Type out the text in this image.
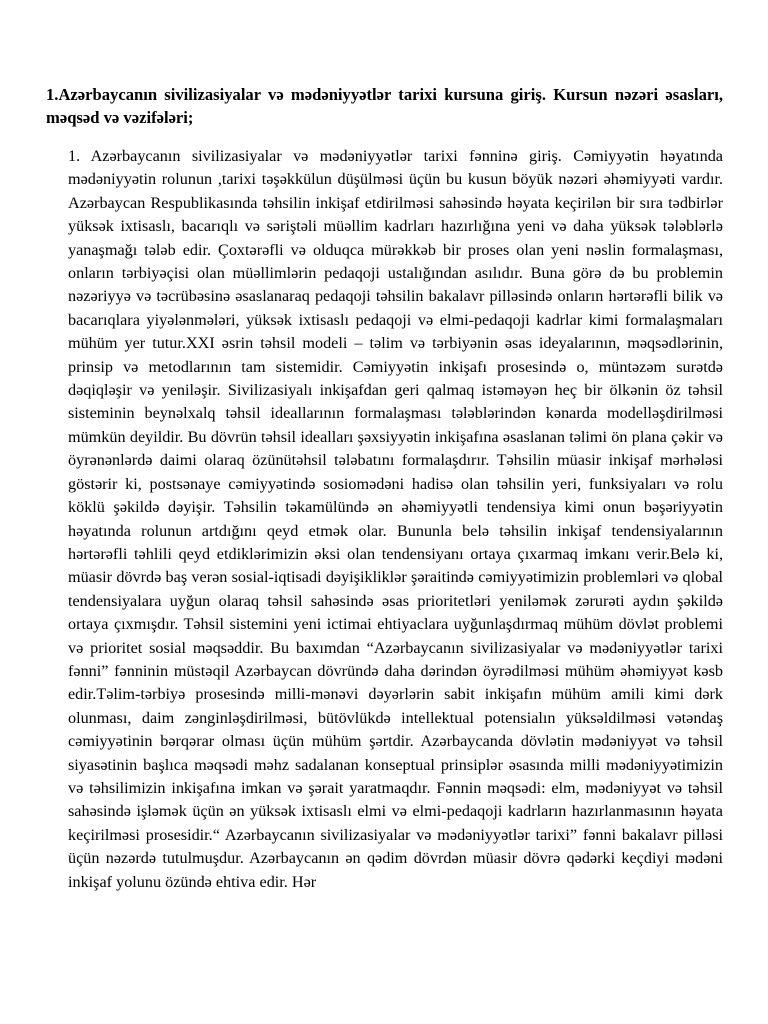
1.Azərbaycanın sivilizasiyalar və mədəniyyətlər tarixi kursuna giriş. Kursun nəzəri əsasları, məqsəd və vəzifələri;

1. Azərbaycanın sivilizasiyalar və mədəniyyətlər tarixi fənninə giriş. Cəmiyyətin həyatında mədəniyyətin rolunun ,tarixi təşəkkülun düşülməsi üçün bu kusun böyük nəzəri əhəmiyyəti vardır. Azərbaycan Respublikasında təhsilin inkişaf etdirilməsi sahəsində həyata keçirilən bir sıra tədbirlər yüksək ixtisaslı, bacarıqlı və səriştəli müəllim kadrları hazırlığına yeni və daha yüksək tələblərlə yanaşmağı tələb edir. Çoxtərəfli və olduqca mürəkkəb bir proses olan yeni nəslin formalaşması, onların tərbiyəçisi olan müəllimlərin pedaqoji ustalığından asılıdır. Buna görə də bu problemin nəzəriyyə və təcrübəsinə əsaslanaraq pedaqoji təhsilin bakalavr pilləsində onların hərtərəfli bilik və bacarıqlara yiyələnmələri, yüksək ixtisaslı pedaqoji və elmi-pedaqoji kadrlar kimi formalaşmaları mühüm yer tutur.XXI əsrin təhsil modeli – təlim və tərbiyənin əsas ideyalarının, məqsədlərinin, prinsip və metodlarının tam sistemidir. Cəmiyyətin inkişafı prosesində o, müntəzəm surətdə dəqiqləşir və yeniləşir. Sivilizasiyalı inkişafdan geri qalmaq istəməyən heç bir ölkənin öz təhsil sisteminin beynəlxalq təhsil ideallarının formalaşması tələblərindən kənarda modelləşdirilməsi mümkün deyildir. Bu dövrün təhsil idealları şəxsiyyətin inkişafına əsaslanan təlimi ön plana çəkir və öyrənənlərdə daimi olaraq özünütəhsil tələbatını formalaşdırır. Təhsilin müasir inkişaf mərhələsi göstərir ki, postsənaye cəmiyyətində sosiomədəni hadisə olan təhsilin yeri, funksiyaları və rolu köklü şəkildə dəyişir. Təhsilin təkamülündə ən əhəmiyyətli tendensiya kimi onun bəşəriyyətin həyatında rolunun artdığını qeyd etmək olar. Bununla belə təhsilin inkişaf tendensiyalarının hərtərəfli təhlili qeyd etdiklərimizin əksi olan tendensiyanı ortaya çıxarmaq imkanı verir.Belə ki, müasir dövrdə baş verən sosial-iqtisadi dəyişikliklər şəraitində cəmiyyətimizin problemləri və qlobal tendensiyalara uyğun olaraq təhsil sahəsində əsas prioritetləri yeniləmək zərurəti aydın şəkildə ortaya çıxmışdır. Təhsil sistemini yeni ictimai ehtiyaclara uyğunlaşdırmaq mühüm dövlət problemi və prioritet sosial məqsəddir. Bu baxımdan “Azərbaycanın sivilizasiyalar və mədəniyyətlər tarixi fənni” fənninin müstəqil Azərbaycan dövründə daha dərindən öyrədilməsi mühüm əhəmiyyət kəsb edir.Təlim-tərbiyə prosesində milli-mənəvi dəyərlərin sabit inkişafın mühüm amili kimi dərk olunması, daim zənginləşdirilməsi, bütövlükdə intellektual potensialın yüksəldilməsi vətəndaş cəmiyyətinin bərqərar olması üçün mühüm şərtdir. Azərbaycanda dövlətin mədəniyyət və təhsil siyasətinin başlıca məqsədi məhz sadalanan konseptual prinsiplər əsasında milli mədəniyyətimizin və təhsilimizin inkişafına imkan və şərait yaratmaqdır. Fənnin məqsədi: elm, mədəniyyət və təhsil sahəsində işləmək üçün ən yüksək ixtisaslı elmi və elmi-pedaqoji kadrların hazırlanmasının həyata keçirilməsi prosesidir.“ Azərbaycanın sivilizasiyalar və mədəniyyətlər tarixi” fənni bakalavr pilləsi üçün nəzərdə tutulmuşdur. Azərbaycanın ən qədim dövrdən müasir dövrə qədərki keçdiyi mədəni inkişaf yolunu özündə ehtiva edir. Hər
